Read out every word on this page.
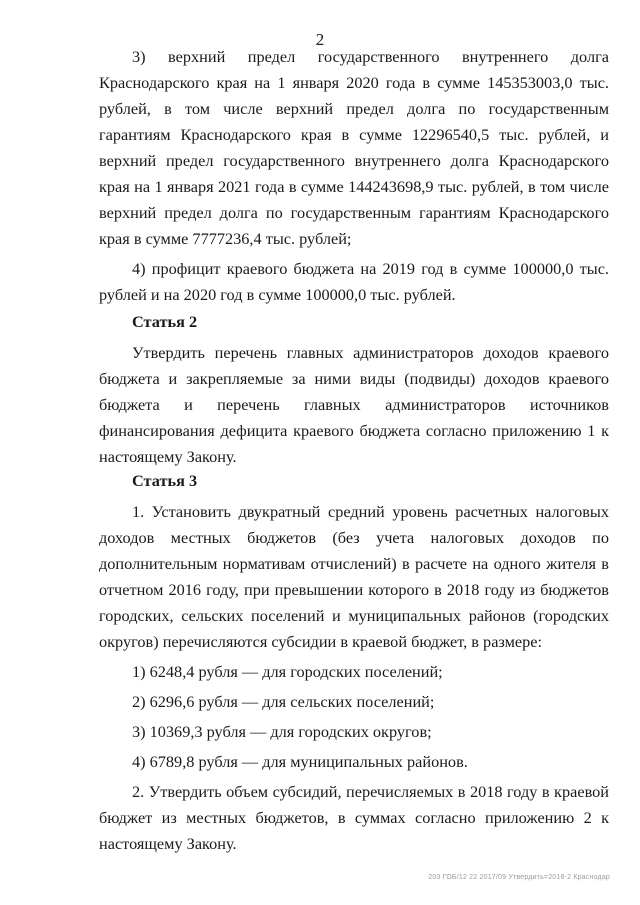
2

3) верхний предел государственного внутреннего долга Краснодарского края на 1 января 2020 года в сумме 145353003,0 тыс. рублей, в том числе верхний предел долга по государственным гарантиям Краснодарского края в сумме 12296540,5 тыс. рублей, и верхний предел государственного внутреннего долга Краснодарского края на 1 января 2021 года в сумме 144243698,9 тыс. рублей, в том числе верхний предел долга по государственным гарантиям Краснодарского края в сумме 7777236,4 тыс. рублей;

4) профицит краевого бюджета на 2019 год в сумме 100000,0 тыс. рублей и на 2020 год в сумме 100000,0 тыс. рублей.

Статья 2

Утвердить перечень главных администраторов доходов краевого бюджета и закрепляемые за ними виды (подвиды) доходов краевого бюджета и перечень главных администраторов источников финансирования дефицита краевого бюджета согласно приложению 1 к настоящему Закону.

Статья 3

1. Установить двукратный средний уровень расчетных налоговых доходов местных бюджетов (без учета налоговых доходов по дополнительным нормативам отчислений) в расчете на одного жителя в отчетном 2016 году, при превышении которого в 2018 году из бюджетов городских, сельских поселений и муниципальных районов (городских округов) перечисляются субсидии в краевой бюджет, в размере:

1) 6248,4 рубля — для городских поселений;

2) 6296,6 рубля — для сельских поселений;

3) 10369,3 рубля — для городских округов;

4) 6789,8 рубля — для муниципальных районов.

2. Утвердить объем субсидий, перечисляемых в 2018 году в краевой бюджет из местных бюджетов, в суммах согласно приложению 2 к настоящему Закону.

203 ГОБ/12 22 2017/09 Утвердить=2018-2 Краснодар
